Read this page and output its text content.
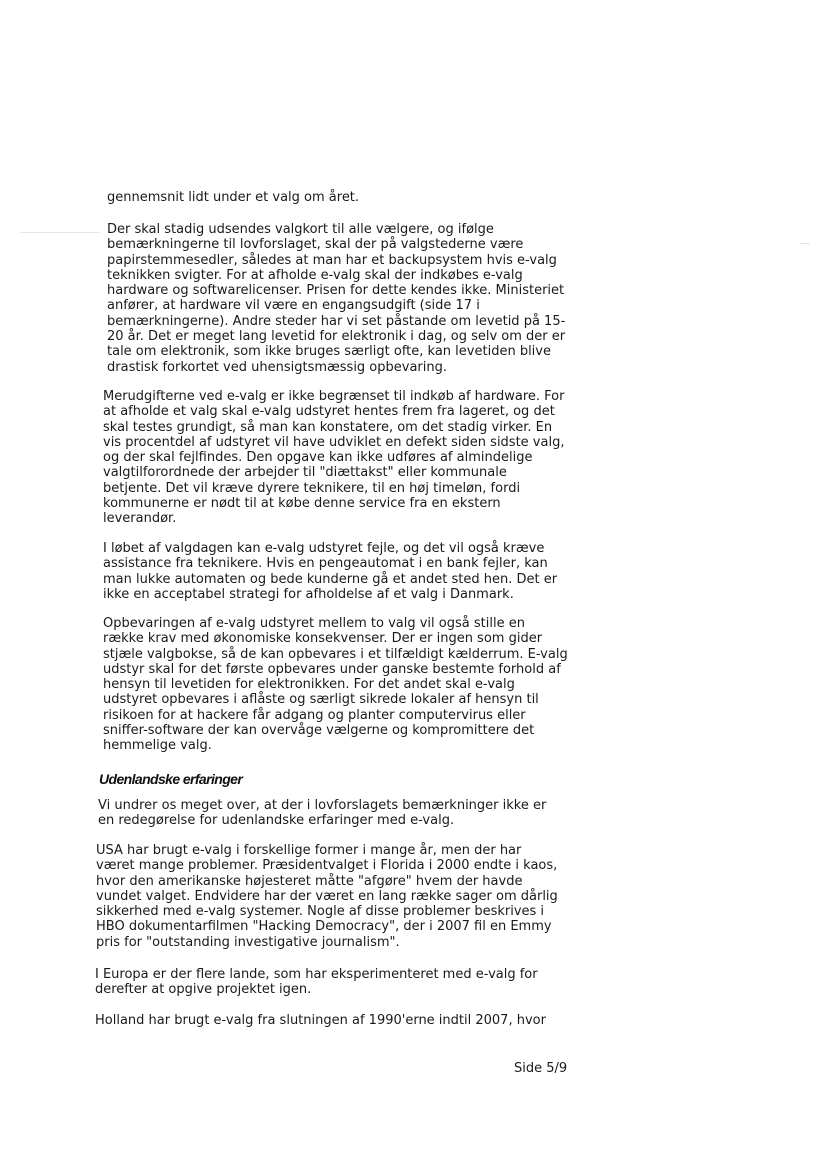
gennemsnit lidt under et valg om året.

Der skal stadig udsendes valgkort til alle vælgere, og ifølge
bemærkningerne til lovforslaget, skal der på valgstederne være
papirstemmesedler, således at man har et backupsystem hvis e-valg
teknikken svigter. For at afholde e-valg skal der indkøbes e-valg
hardware og softwarelicenser. Prisen for dette kendes ikke. Ministeriet
anfører, at hardware vil være en engangsudgift (side 17 i
bemærkningerne). Andre steder har vi set påstande om levetid på 15-
20 år. Det er meget lang levetid for elektronik i dag, og selv om der er
tale om elektronik, som ikke bruges særligt ofte, kan levetiden blive
drastisk forkortet ved uhensigtsmæssig opbevaring.

Merudgifterne ved e-valg er ikke begrænset til indkøb af hardware. For
at afholde et valg skal e-valg udstyret hentes frem fra lageret, og det
skal testes grundigt, så man kan konstatere, om det stadig virker. En
vis procentdel af udstyret vil have udviklet en defekt siden sidste valg,
og der skal fejlfindes. Den opgave kan ikke udføres af almindelige
valgtilforordnede der arbejder til "diættakst" eller kommunale
betjente. Det vil kræve dyrere teknikere, til en høj timeløn, fordi
kommunerne er nødt til at købe denne service fra en ekstern
leverandør.

I løbet af valgdagen kan e-valg udstyret fejle, og det vil også kræve
assistance fra teknikere. Hvis en pengeautomat i en bank fejler, kan
man lukke automaten og bede kunderne gå et andet sted hen. Det er
ikke en acceptabel strategi for afholdelse af et valg i Danmark.

Opbevaringen af e-valg udstyret mellem to valg vil også stille en
række krav med økonomiske konsekvenser. Der er ingen som gider
stjæle valgbokse, så de kan opbevares i et tilfældigt kælderrum. E-valg
udstyr skal for det første opbevares under ganske bestemte forhold af
hensyn til levetiden for elektronikken. For det andet skal e-valg
udstyret opbevares i aflåste og særligt sikrede lokaler af hensyn til
risikoen for at hackere får adgang og planter computervirus eller
sniffer-software der kan overvåge vælgerne og kompromittere det
hemmelige valg.

Udenlandske erfaringer

Vi undrer os meget over, at der i lovforslagets bemærkninger ikke er
en redegørelse for udenlandske erfaringer med e-valg.

USA har brugt e-valg i forskellige former i mange år, men der har
været mange problemer. Præsidentvalget i Florida i 2000 endte i kaos,
hvor den amerikanske højesteret måtte "afgøre" hvem der havde
vundet valget. Endvidere har der været en lang række sager om dårlig
sikkerhed med e-valg systemer. Nogle af disse problemer beskrives i
HBO dokumentarfilmen "Hacking Democracy", der i 2007 fil en Emmy
pris for "outstanding investigative journalism".

I Europa er der flere lande, som har eksperimenteret med e-valg for
derefter at opgive projektet igen.

Holland har brugt e-valg fra slutningen af 1990'erne indtil 2007, hvor

Side 5/9
